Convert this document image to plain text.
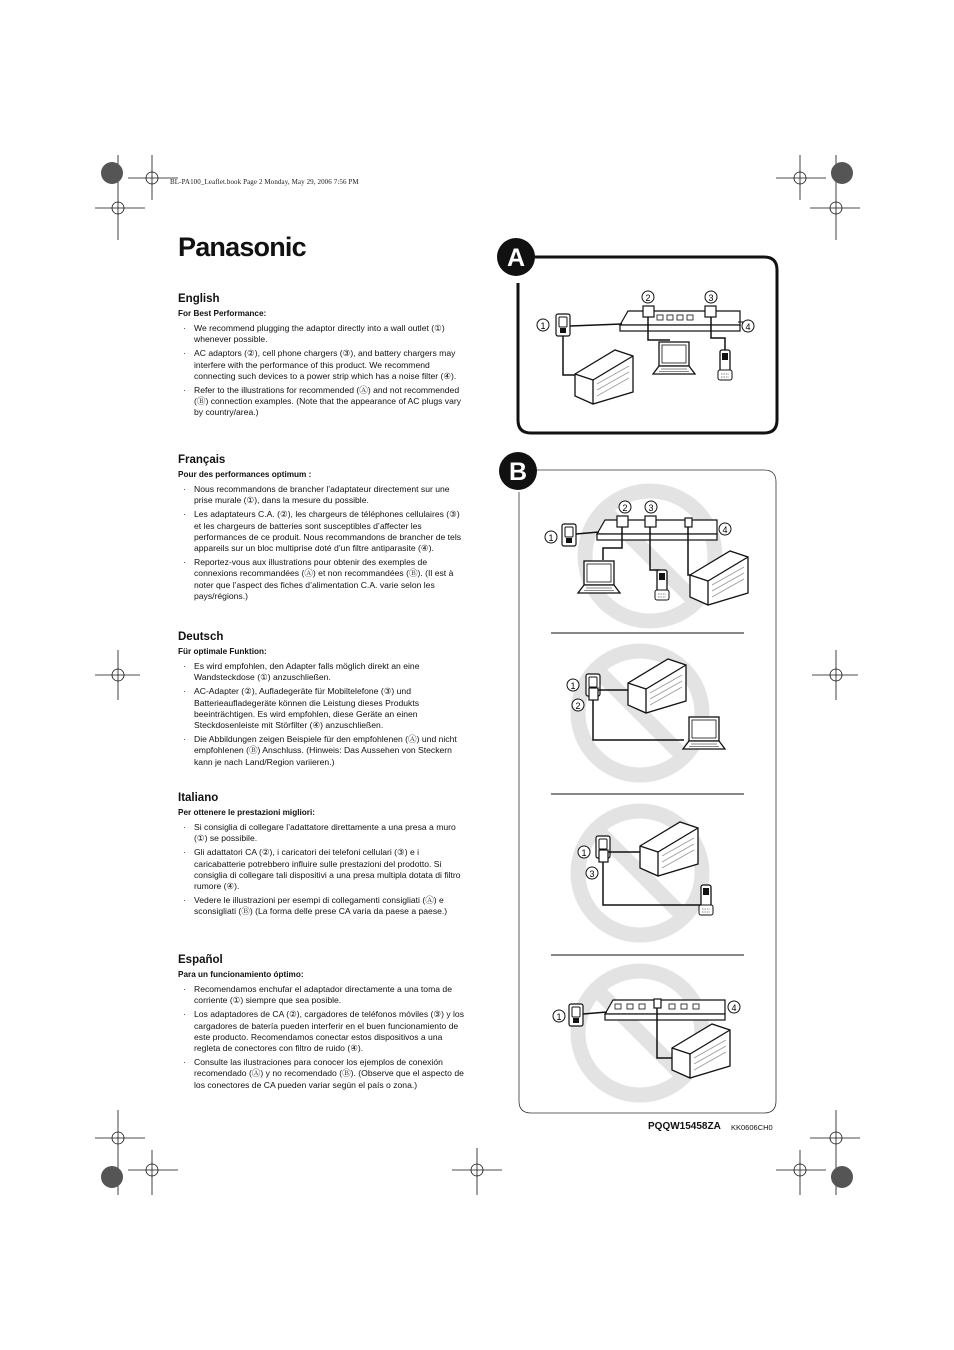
BL-PA100_Leaflet.book Page 2 Monday, May 29, 2006 7:56 PM
Panasonic
English
For Best Performance:
· We recommend plugging the adaptor directly into a wall outlet (①) whenever possible.
· AC adaptors (②), cell phone chargers (③), and battery chargers may interfere with the performance of this product. We recommend connecting such devices to a power strip which has a noise filter (④).
· Refer to the illustrations for recommended (Ⓐ) and not recommended (Ⓑ) connection examples. (Note that the appearance of AC plugs vary by country/area.)
Français
Pour des performances optimum :
· Nous recommandons de brancher l’adaptateur directement sur une prise murale (①), dans la mesure du possible.
· Les adaptateurs C.A. (②), les chargeurs de téléphones cellulaires (③) et les chargeurs de batteries sont susceptibles d’affecter les performances de ce produit. Nous recommandons de brancher de tels appareils sur un bloc multiprise doté d’un filtre antiparasite (④).
· Reportez-vous aux illustrations pour obtenir des exemples de connexions recommandées (Ⓐ) et non recommandées (Ⓑ). (Il est à noter que l’aspect des fiches d’alimentation C.A. varie selon les pays/régions.)
Deutsch
Für optimale Funktion:
· Es wird empfohlen, den Adapter falls möglich direkt an eine Wandsteckdose (①) anzuschließen.
· AC-Adapter (②), Aufladegeräte für Mobiltelefone (③) und Batterieaufladegeräte können die Leistung dieses Produkts beeinträchtigen. Es wird empfohlen, diese Geräte an einen Steckdosenleiste mit Störfilter (④) anzuschließen.
· Die Abbildungen zeigen Beispiele für den empfohlenen (Ⓐ) und nicht empfohlenen (Ⓑ) Anschluss. (Hinweis: Das Aussehen von Steckern kann je nach Land/Region variieren.)
Italiano
Per ottenere le prestazioni migliori:
· Si consiglia di collegare l’adattatore direttamente a una presa a muro (①) se possibile.
· Gli adattatori CA (②), i caricatori dei telefoni cellulari (③) e i caricabatterie potrebbero influire sulle prestazioni del prodotto. Si consiglia di collegare tali dispositivi a una presa multipla dotata di filtro rumore (④).
· Vedere le illustrazioni per esempi di collegamenti consigliati (Ⓐ) e sconsigliati (Ⓑ) (La forma delle prese CA varia da paese a paese.)
Español
Para un funcionamiento óptimo:
· Recomendamos enchufar el adaptador directamente a una toma de corriente (①) siempre que sea posible.
· Los adaptadores de CA (②), cargadores de teléfonos móviles (③) y los cargadores de batería pueden interferir en el buen funcionamiento de este producto. Recomendamos conectar estos dispositivos a una regleta de conectores con filtro de ruido (④).
· Consulte las ilustraciones para conocer los ejemplos de conexión recomendado (Ⓐ) y no recomendado (Ⓑ). (Observe que el aspecto de los conectores de CA pueden variar según el país o zona.)
A
2	3
1	4
B
2 3
1
4
1
2
1
3
1
4
PQQW15458ZA KK0606CH0
